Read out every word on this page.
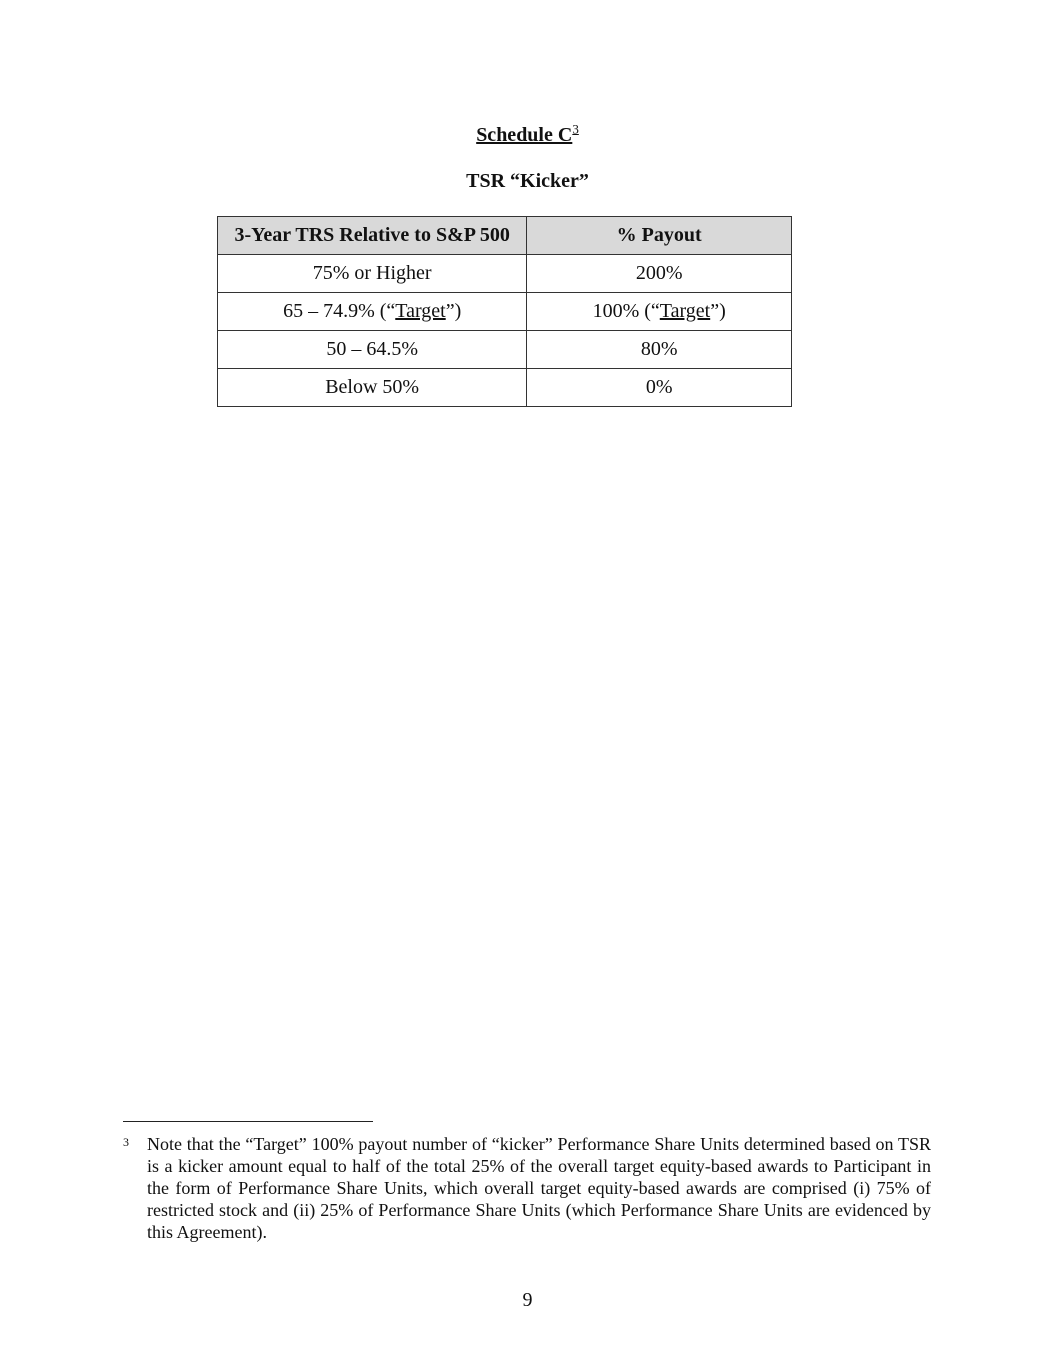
Schedule $C^3$
TSR “Kicker”
3-Year TRS Relative to S&P 500	% Payout
75% or Higher	200%
65 – 74.9% (“Target”)	100% (“Target”)
50 – 64.5%	80%
Below 50%	0%
3	Note that the “Target” 100% payout number of “kicker” Performance Share Units determined based on TSR is a kicker amount equal to half of the total 25% of the overall target equity-based awards to Participant in the form of Performance Share Units, which overall target equity-based awards are comprised (i) 75% of restricted stock and (ii) 25% of Performance Share Units (which Performance Share Units are evidenced by this Agreement).
9
